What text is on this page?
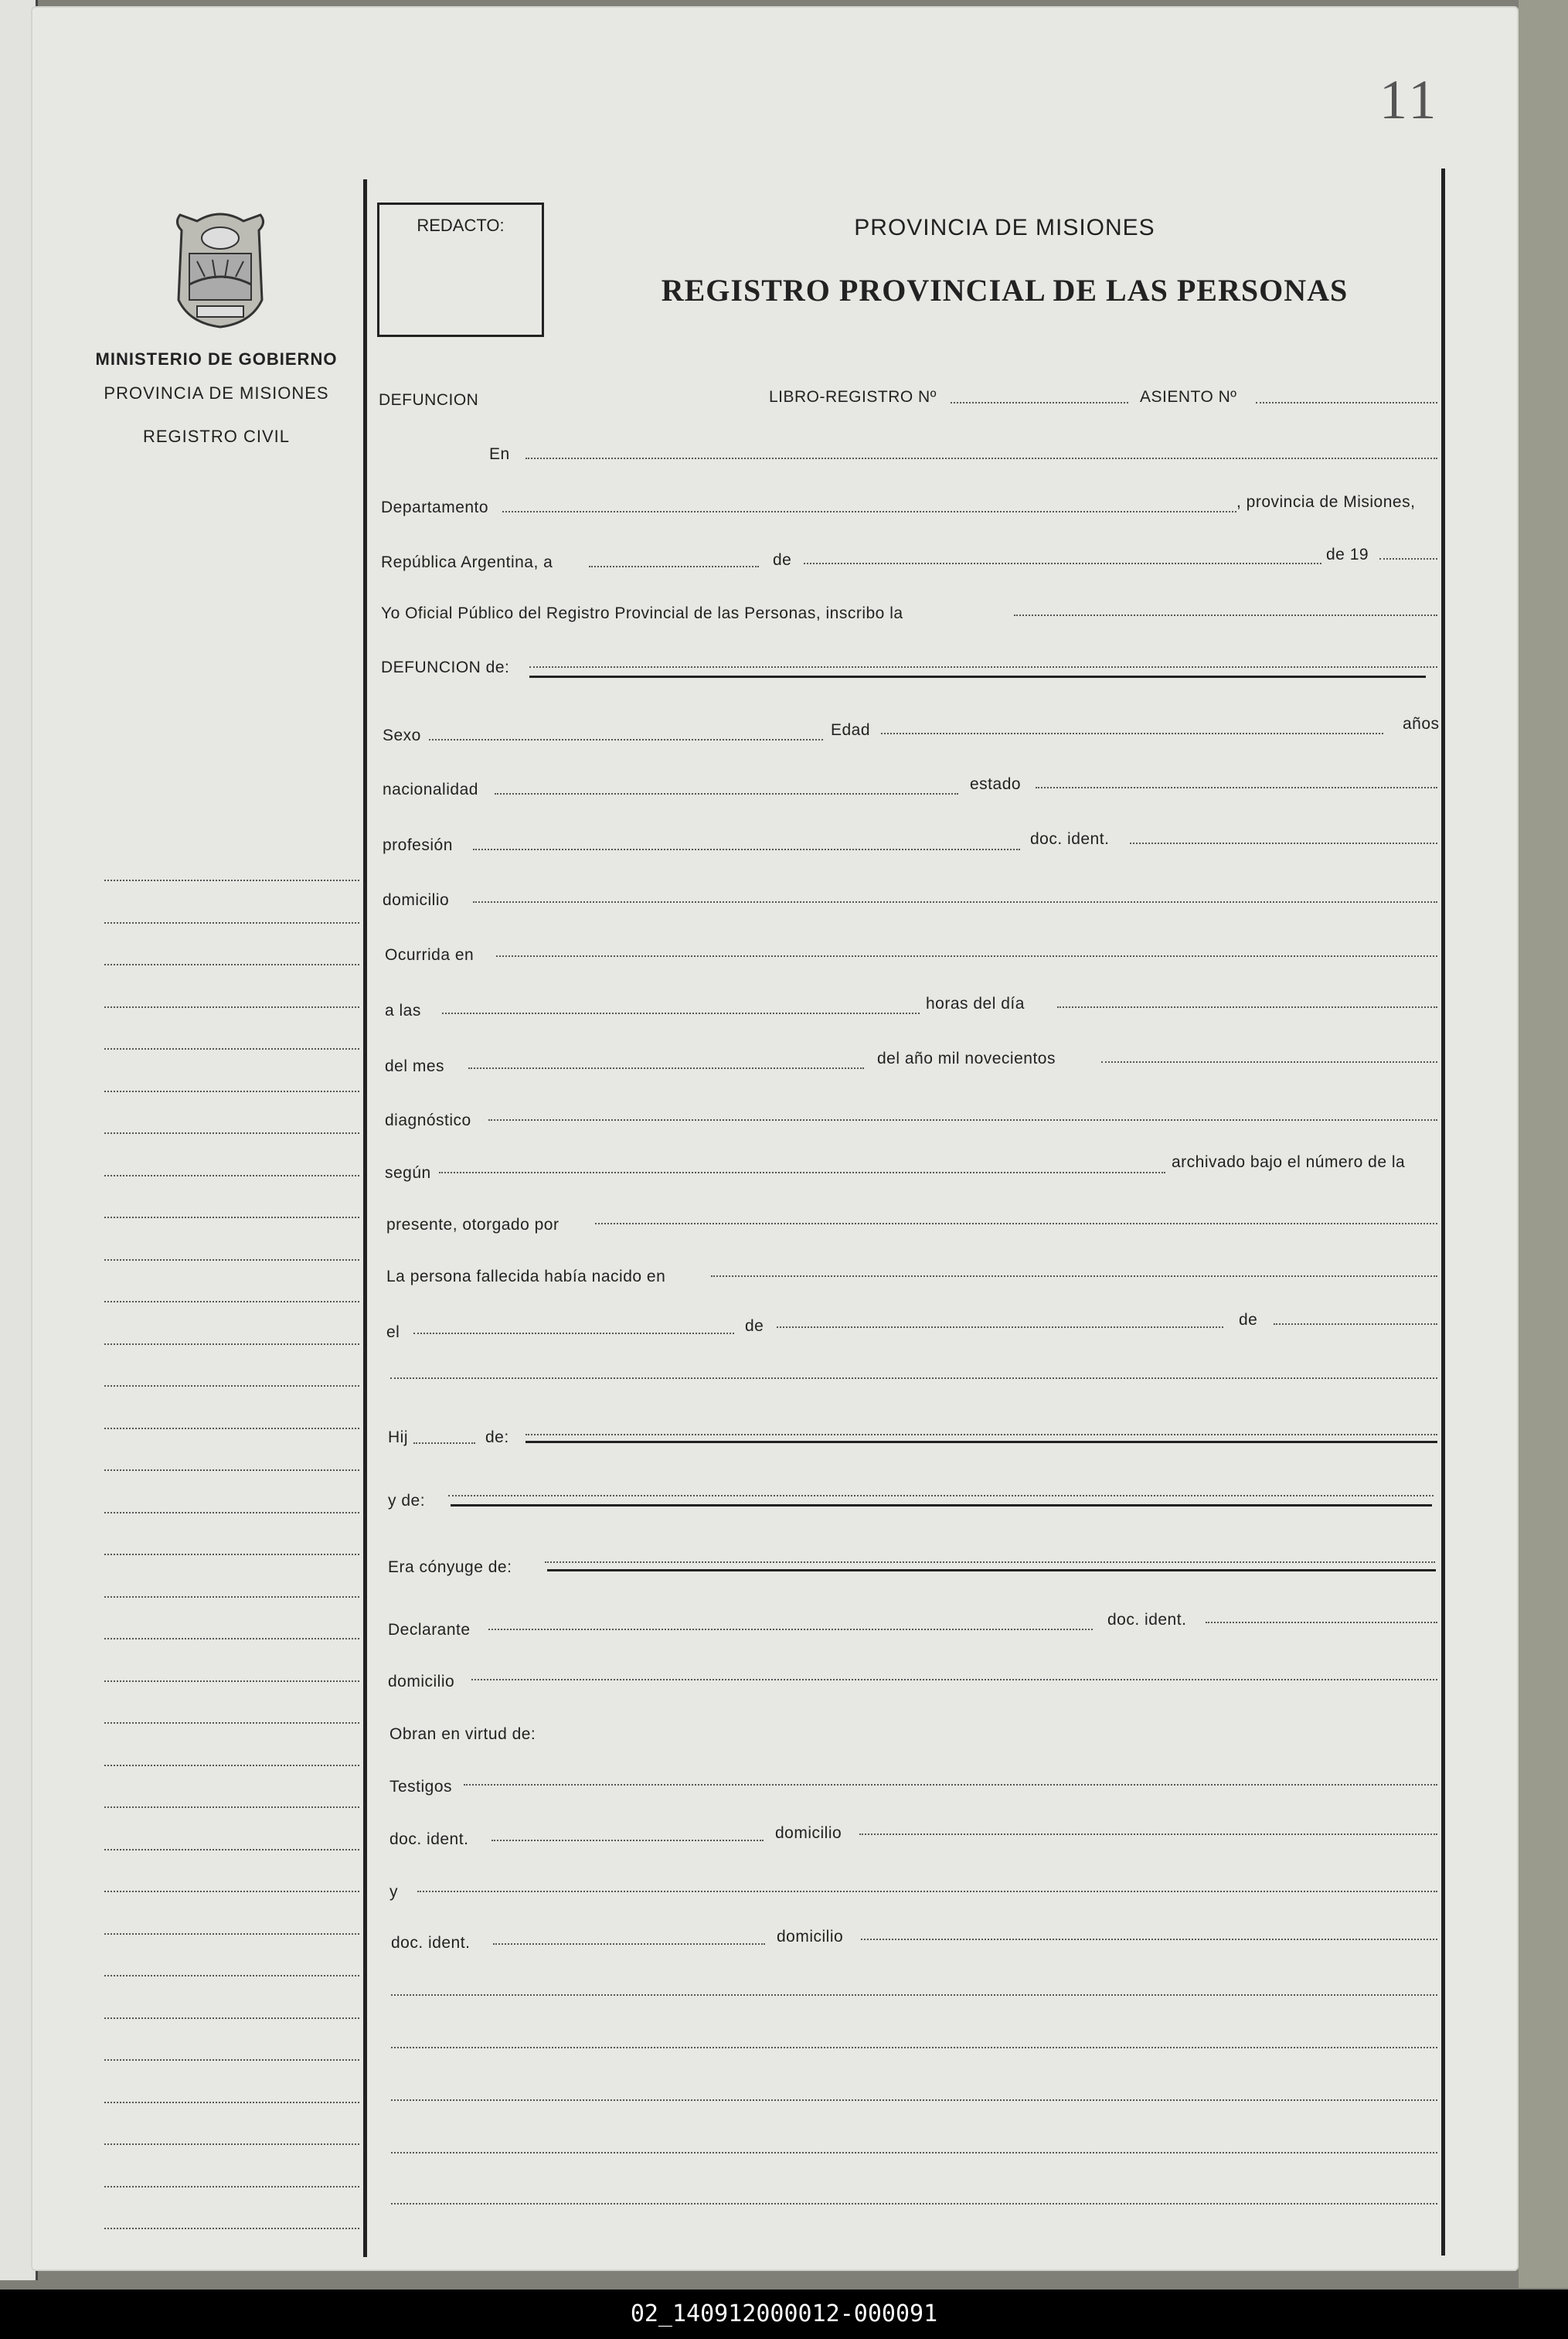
11
MINISTERIO DE GOBIERNO
PROVINCIA DE MISIONES
REGISTRO CIVIL
REDACTO:	PROVINCIA DE MISIONES
REGISTRO PROVINCIAL DE LAS PERSONAS
DEFUNCION	LIBRO-REGISTRO Nº	ASIENTO Nº
En
Departamento	, provincia de Misiones,
República Argentina, a	de	de 19
Yo Oficial Público del Registro Provincial de las Personas, inscribo la
DEFUNCION de:
Sexo	Edad	años
nacionalidad	estado
profesión	doc. ident.
domicilio
Ocurrida en
a las	horas del día
del mes	del año mil novecientos
diagnóstico
según
archivado bajo el número de la
presente, otorgado por
La persona fallecida había nacido en
el	de	de
Hij	de:
y de:
Era cónyuge de:
Declarante
doc. ident.
domicilio
Obran en virtud de:
Testigos
doc. ident.	domicilio
y
doc. ident.	domicilio
02_140912000012-000091
